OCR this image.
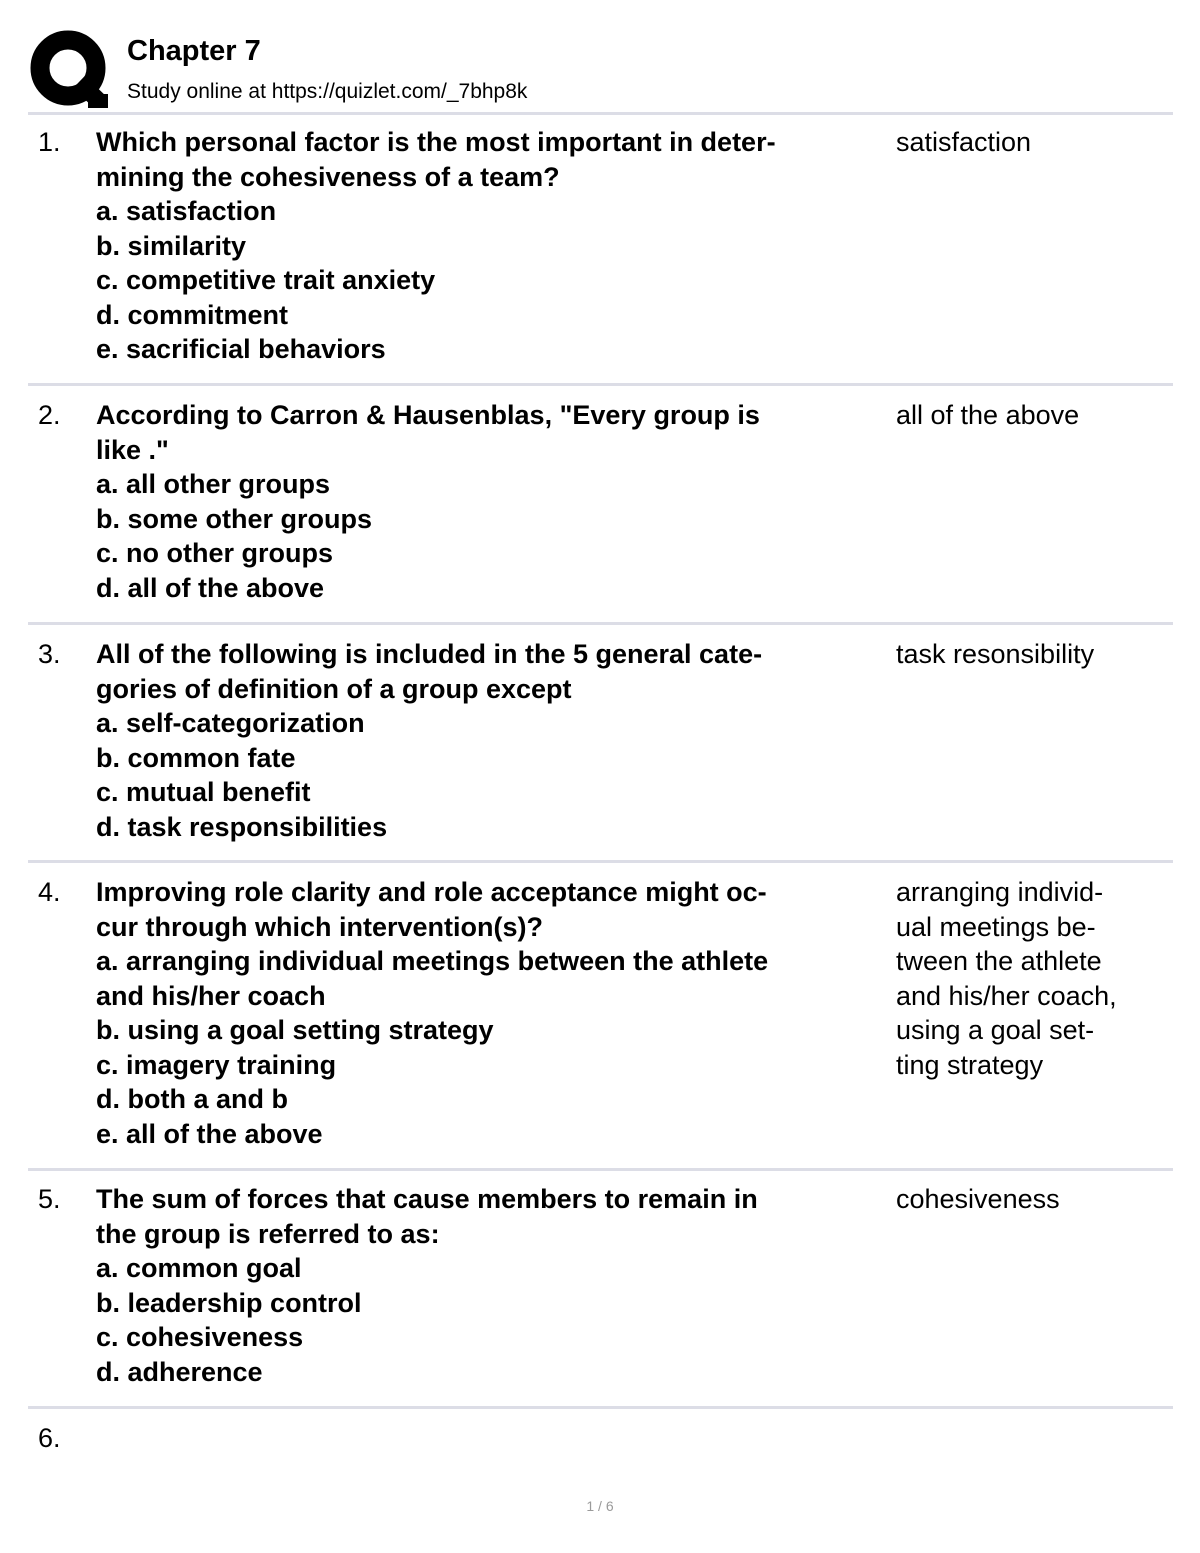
Chapter 7
Study online at https://quizlet.com/_7bhp8k
1. Which personal factor is the most important in deter-
mining the cohesiveness of a team?
a. satisfaction
b. similarity
c. competitive trait anxiety
d. commitment
e. sacrificial behaviors
satisfaction
2. According to Carron & Hausenblas, "Every group is
like ."
a. all other groups
b. some other groups
c. no other groups
d. all of the above
all of the above
3. All of the following is included in the 5 general cate-
gories of definition of a group except
a. self-categorization
b. common fate
c. mutual benefit
d. task responsibilities
task resonsibility
4. Improving role clarity and role acceptance might oc-
cur through which intervention(s)?
a. arranging individual meetings between the athlete
and his/her coach
b. using a goal setting strategy
c. imagery training
d. both a and b
e. all of the above
arranging individ-
ual meetings be-
tween the athlete
and his/her coach,
using a goal set-
ting strategy
5. The sum of forces that cause members to remain in
the group is referred to as:
a. common goal
b. leadership control
c. cohesiveness
d. adherence
cohesiveness
6.
1 / 6
